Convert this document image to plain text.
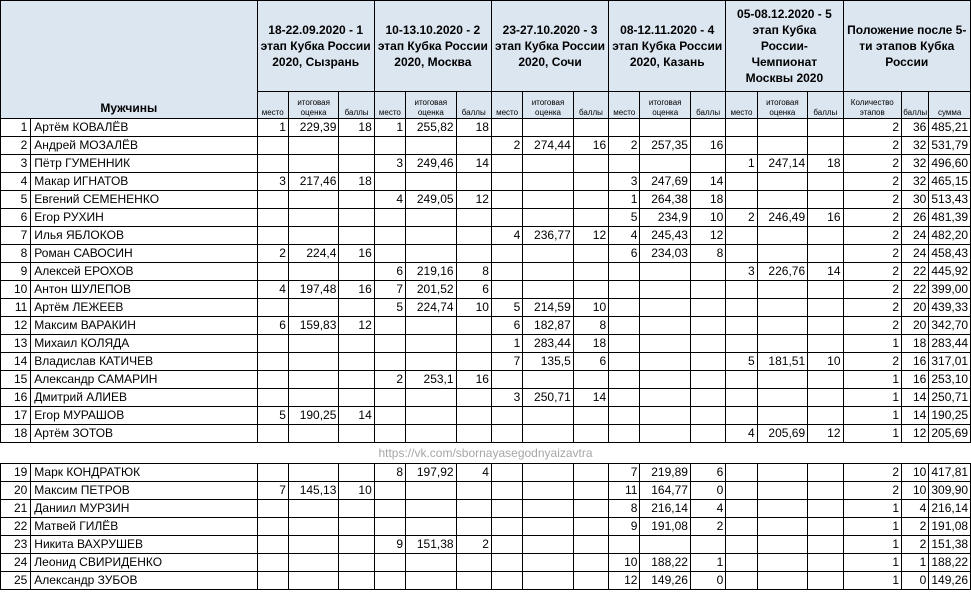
Мужчины		18-22.09.2020 - 1 этап Кубка России 2020, Сызрань			10-13.10.2020 - 2 этап Кубка России 2020, Москва			23-27.10.2020 - 3 этап Кубка России 2020, Сочи			08-12.11.2020 - 4 этап Кубка России 2020, Казань			05-08.12.2020 - 5 этап Кубка России- Чемпионат Москвы 2020			Положение после 5-ти этапов Кубка России		
		место	итоговая оценка	баллы	место	итоговая оценка	баллы	место	итоговая оценка	баллы	место	итоговая оценка	баллы	место	итоговая оценка	баллы	Количество этапов	баллы	сумма
1	Артём КОВАЛЁВ	1	229,39	18	1	255,82	18										2	36	485,21
2	Андрей МОЗАЛЁВ							2	274,44	16	2	257,35	16				2	32	531,79
3	Пётр ГУМЕННИК				3	249,46	14							1	247,14	18	2	32	496,60
4	Макар ИГНАТОВ	3	217,46	18							3	247,69	14				2	32	465,15
5	Евгений СЕМЕНЕНКО				4	249,05	12				1	264,38	18				2	30	513,43
6	Егор РУХИН										5	234,9	10	2	246,49	16	2	26	481,39
7	Илья ЯБЛОКОВ							4	236,77	12	4	245,43	12				2	24	482,20
8	Роман САВОСИН	2	224,4	16							6	234,03	8				2	24	458,43
9	Алексей ЕРОХОВ				6	219,16	8							3	226,76	14	2	22	445,92
10	Антон ШУЛЕПОВ	4	197,48	16	7	201,52	6										2	22	399,00
11	Артём ЛЕЖЕЕВ				5	224,74	10	5	214,59	10							2	20	439,33
12	Максим ВАРАКИН	6	159,83	12				6	182,87	8							2	20	342,70
13	Михаил КОЛЯДА							1	283,44	18							1	18	283,44
14	Владислав КАТИЧЕВ							7	135,5	6				5	181,51	10	2	16	317,01
15	Александр САМАРИН				2	253,1	16										1	16	253,10
16	Дмитрий АЛИЕВ							3	250,71	14							1	14	250,71
17	Егор МУРАШОВ	5	190,25	14													1	14	190,25
18	Артём ЗОТОВ													4	205,69	12	1	12	205,69
https://vk.com/sbornayasegodnyaizavtra																			
19	Марк КОНДРАТЮК				8	197,92	4				7	219,89	6				2	10	417,81
20	Максим ПЕТРОВ	7	145,13	10							11	164,77	0				2	10	309,90
21	Даниил МУРЗИН										8	216,14	4				1	4	216,14
22	Матвей ГИЛЁВ										9	191,08	2				1	2	191,08
23	Никита ВАХРУШЕВ				9	151,38	2										1	2	151,38
24	Леонид СВИРИДЕНКО										10	188,22	1				1	1	188,22
25	Александр ЗУБОВ										12	149,26	0				1	0	149,26
